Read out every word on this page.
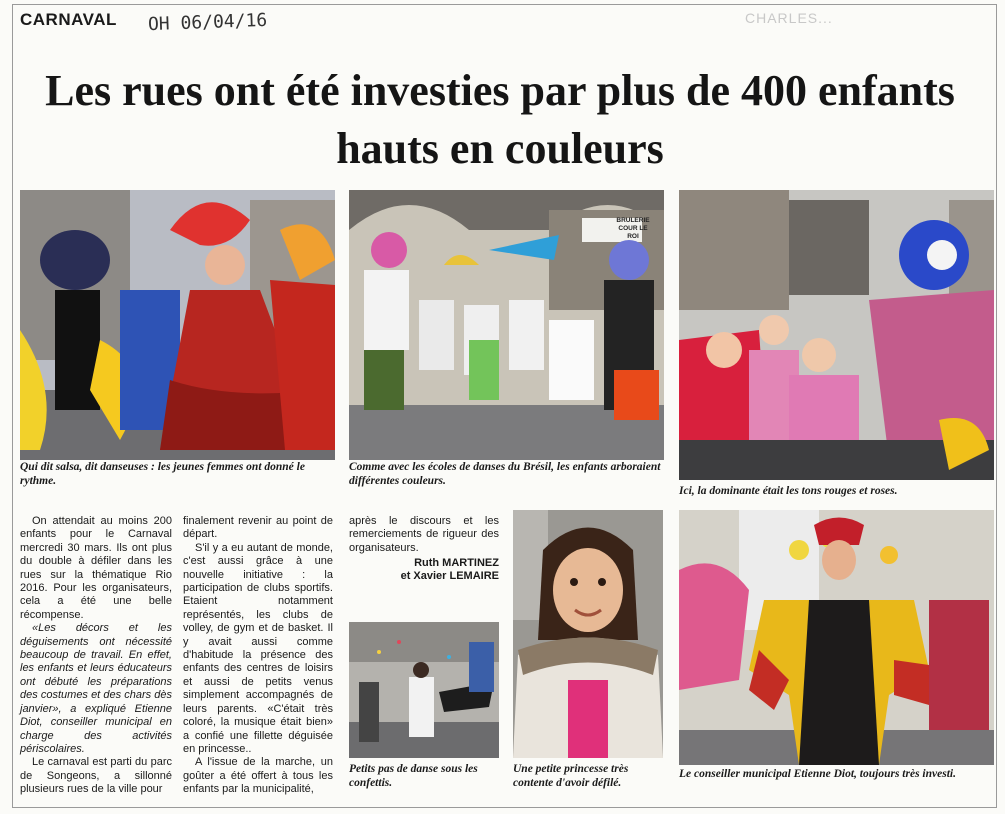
CARNAVAL OH 06/04/16	CHARLES...
Les rues ont été investies par plus de 400 enfants hauts en couleurs
BRULERIE COUR LE ROI
Qui dit salsa, dit danseuses : les jeunes femmes ont donné le rythme.
Comme avec les écoles de danses du Brésil, les enfants arboraient différentes couleurs.
Ici, la dominante était les tons rouges et roses.

On attendait au moins 200 enfants pour le Carnaval mercredi 30 mars. Ils ont plus du double à défiler dans les rues sur la thématique Rio 2016. Pour les organisateurs, cela a été une belle récompense.

«Les décors et les déguisements ont nécessité beaucoup de travail. En effet, les enfants et leurs éducateurs ont débuté les préparations des costumes et des chars dès janvier», a expliqué Etienne Diot, conseiller municipal en charge des activités périscolaires.

Le carnaval est parti du parc de Songeons, a sillonné plusieurs rues de la ville pour

finalement revenir au point de départ.

S'il y a eu autant de monde, c'est aussi grâce à une nouvelle initiative : la participation de clubs sportifs. Etaient notamment représentés, les clubs de volley, de gym et de basket. Il y avait aussi comme d'habitude la présence des enfants des centres de loisirs et aussi de petits venus simplement accompagnés de leurs parents. «C'était très coloré, la musique était bien» a confié une fillette déguisée en princesse..

A l'issue de la marche, un goûter a été offert à tous les enfants par la municipalité,

après le discours et les remerciements de rigueur des organisateurs.

Ruth MARTINEZ
et Xavier LEMAIRE
Petits pas de danse sous les confettis.
Une petite princesse très contente d'avoir défilé.
Le conseiller municipal Etienne Diot, toujours très investi.
